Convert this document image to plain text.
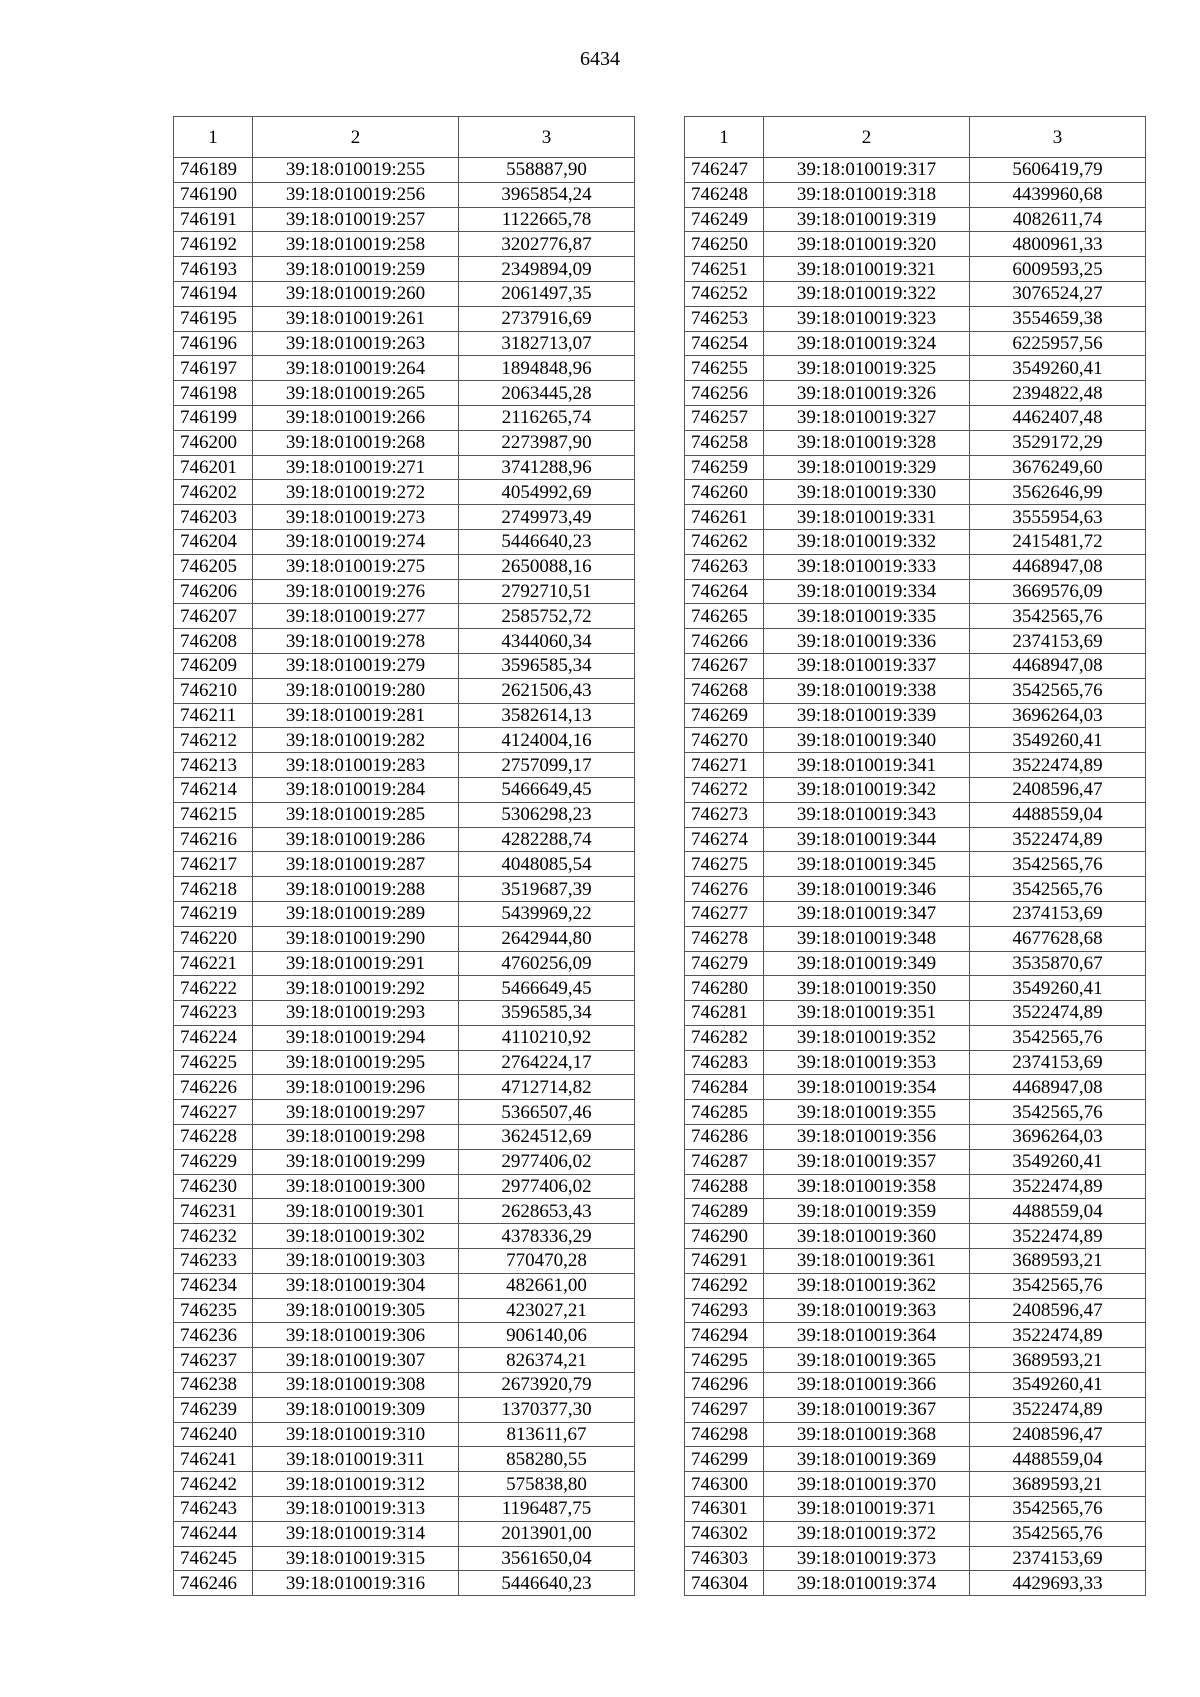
6434
1	2	3
746189	39:18:010019:255	558887,90
746190	39:18:010019:256	3965854,24
746191	39:18:010019:257	1122665,78
746192	39:18:010019:258	3202776,87
746193	39:18:010019:259	2349894,09
746194	39:18:010019:260	2061497,35
746195	39:18:010019:261	2737916,69
746196	39:18:010019:263	3182713,07
746197	39:18:010019:264	1894848,96
746198	39:18:010019:265	2063445,28
746199	39:18:010019:266	2116265,74
746200	39:18:010019:268	2273987,90
746201	39:18:010019:271	3741288,96
746202	39:18:010019:272	4054992,69
746203	39:18:010019:273	2749973,49
746204	39:18:010019:274	5446640,23
746205	39:18:010019:275	2650088,16
746206	39:18:010019:276	2792710,51
746207	39:18:010019:277	2585752,72
746208	39:18:010019:278	4344060,34
746209	39:18:010019:279	3596585,34
746210	39:18:010019:280	2621506,43
746211	39:18:010019:281	3582614,13
746212	39:18:010019:282	4124004,16
746213	39:18:010019:283	2757099,17
746214	39:18:010019:284	5466649,45
746215	39:18:010019:285	5306298,23
746216	39:18:010019:286	4282288,74
746217	39:18:010019:287	4048085,54
746218	39:18:010019:288	3519687,39
746219	39:18:010019:289	5439969,22
746220	39:18:010019:290	2642944,80
746221	39:18:010019:291	4760256,09
746222	39:18:010019:292	5466649,45
746223	39:18:010019:293	3596585,34
746224	39:18:010019:294	4110210,92
746225	39:18:010019:295	2764224,17
746226	39:18:010019:296	4712714,82
746227	39:18:010019:297	5366507,46
746228	39:18:010019:298	3624512,69
746229	39:18:010019:299	2977406,02
746230	39:18:010019:300	2977406,02
746231	39:18:010019:301	2628653,43
746232	39:18:010019:302	4378336,29
746233	39:18:010019:303	770470,28
746234	39:18:010019:304	482661,00
746235	39:18:010019:305	423027,21
746236	39:18:010019:306	906140,06
746237	39:18:010019:307	826374,21
746238	39:18:010019:308	2673920,79
746239	39:18:010019:309	1370377,30
746240	39:18:010019:310	813611,67
746241	39:18:010019:311	858280,55
746242	39:18:010019:312	575838,80
746243	39:18:010019:313	1196487,75
746244	39:18:010019:314	2013901,00
746245	39:18:010019:315	3561650,04
746246	39:18:010019:316	5446640,23
1	2	3
746247	39:18:010019:317	5606419,79
746248	39:18:010019:318	4439960,68
746249	39:18:010019:319	4082611,74
746250	39:18:010019:320	4800961,33
746251	39:18:010019:321	6009593,25
746252	39:18:010019:322	3076524,27
746253	39:18:010019:323	3554659,38
746254	39:18:010019:324	6225957,56
746255	39:18:010019:325	3549260,41
746256	39:18:010019:326	2394822,48
746257	39:18:010019:327	4462407,48
746258	39:18:010019:328	3529172,29
746259	39:18:010019:329	3676249,60
746260	39:18:010019:330	3562646,99
746261	39:18:010019:331	3555954,63
746262	39:18:010019:332	2415481,72
746263	39:18:010019:333	4468947,08
746264	39:18:010019:334	3669576,09
746265	39:18:010019:335	3542565,76
746266	39:18:010019:336	2374153,69
746267	39:18:010019:337	4468947,08
746268	39:18:010019:338	3542565,76
746269	39:18:010019:339	3696264,03
746270	39:18:010019:340	3549260,41
746271	39:18:010019:341	3522474,89
746272	39:18:010019:342	2408596,47
746273	39:18:010019:343	4488559,04
746274	39:18:010019:344	3522474,89
746275	39:18:010019:345	3542565,76
746276	39:18:010019:346	3542565,76
746277	39:18:010019:347	2374153,69
746278	39:18:010019:348	4677628,68
746279	39:18:010019:349	3535870,67
746280	39:18:010019:350	3549260,41
746281	39:18:010019:351	3522474,89
746282	39:18:010019:352	3542565,76
746283	39:18:010019:353	2374153,69
746284	39:18:010019:354	4468947,08
746285	39:18:010019:355	3542565,76
746286	39:18:010019:356	3696264,03
746287	39:18:010019:357	3549260,41
746288	39:18:010019:358	3522474,89
746289	39:18:010019:359	4488559,04
746290	39:18:010019:360	3522474,89
746291	39:18:010019:361	3689593,21
746292	39:18:010019:362	3542565,76
746293	39:18:010019:363	2408596,47
746294	39:18:010019:364	3522474,89
746295	39:18:010019:365	3689593,21
746296	39:18:010019:366	3549260,41
746297	39:18:010019:367	3522474,89
746298	39:18:010019:368	2408596,47
746299	39:18:010019:369	4488559,04
746300	39:18:010019:370	3689593,21
746301	39:18:010019:371	3542565,76
746302	39:18:010019:372	3542565,76
746303	39:18:010019:373	2374153,69
746304	39:18:010019:374	4429693,33
